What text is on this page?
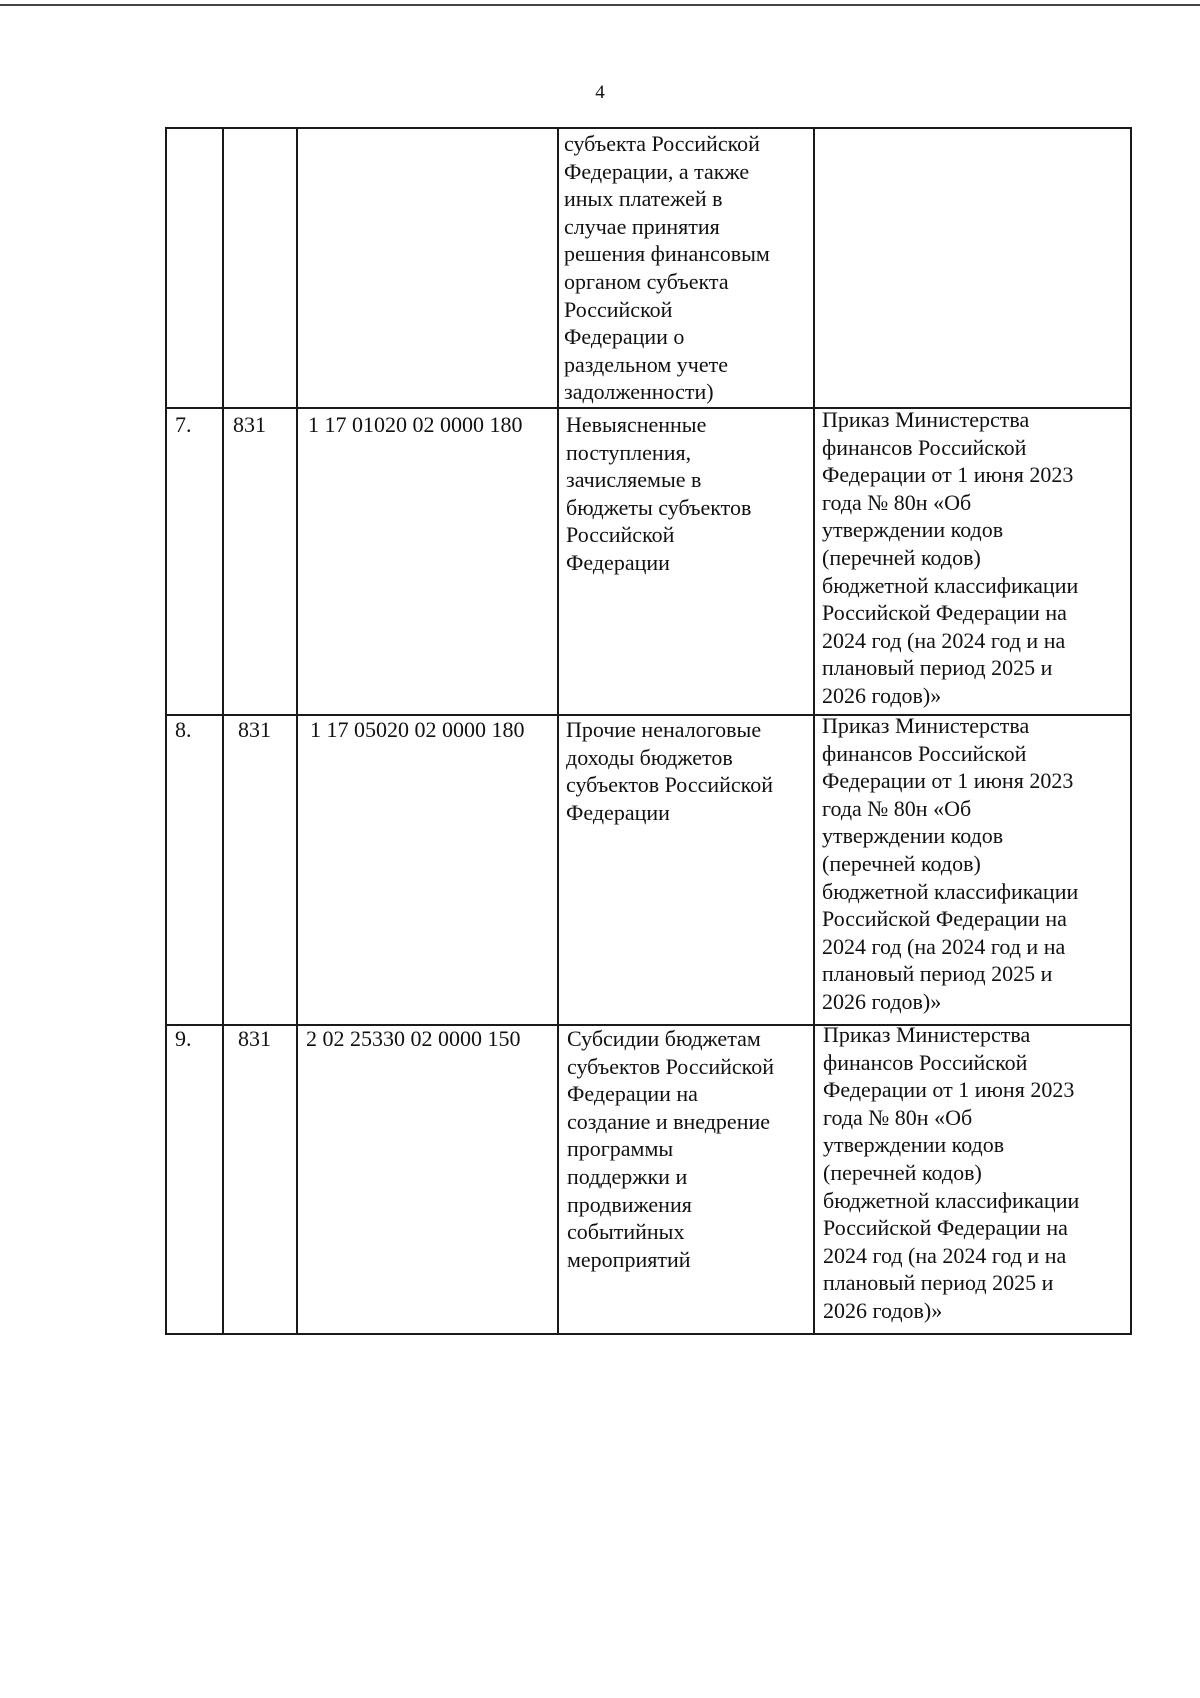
4
субъекта Российской
Федерации, а также
иных платежей в
случае принятия
решения финансовым
органом субъекта
Российской
Федерации о
раздельном учете
задолженности)
7. 831 1 17 01020 02 0000 180 Невыясненные
поступления,
зачисляемые в
бюджеты субъектов
Российской
Федерации
Приказ Министерства
финансов Российской
Федерации от 1 июня 2023
года № 80н «Об
утверждении кодов
(перечней кодов)
бюджетной классификации
Российской Федерации на
2024 год (на 2024 год и на
плановый период 2025 и
2026 годов)»
8. 831 1 17 05020 02 0000 180 Прочие неналоговые
доходы бюджетов
субъектов Российской
Федерации
Приказ Министерства
финансов Российской
Федерации от 1 июня 2023
года № 80н «Об
утверждении кодов
(перечней кодов)
бюджетной классификации
Российской Федерации на
2024 год (на 2024 год и на
плановый период 2025 и
2026 годов)»
9. 831 2 02 25330 02 0000 150 Субсидии бюджетам
субъектов Российской
Федерации на
создание и внедрение
программы
поддержки и
продвижения
событийных
мероприятий
Приказ Министерства
финансов Российской
Федерации от 1 июня 2023
года № 80н «Об
утверждении кодов
(перечней кодов)
бюджетной классификации
Российской Федерации на
2024 год (на 2024 год и на
плановый период 2025 и
2026 годов)»
